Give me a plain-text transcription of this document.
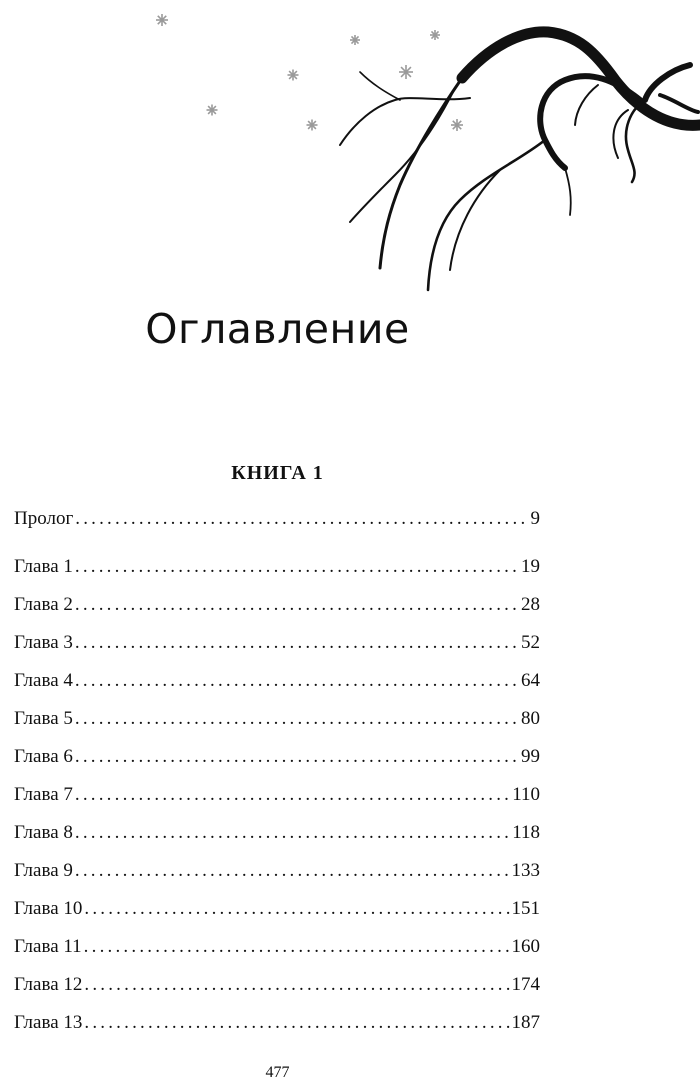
Оглавление
КНИГА 1
Пролог .....	9
Глава 1 .....	19
Глава 2 .....	28
Глава 3 .....	52
Глава 4 .....	64
Глава 5 .....	80
Глава 6 .....	99
Глава 7 .....	110
Глава 8 .....	118
Глава 9 .....	133
Глава 10 .....	151
Глава 11 .....	160
Глава 12 .....	174
Глава 13 .....	187
477
